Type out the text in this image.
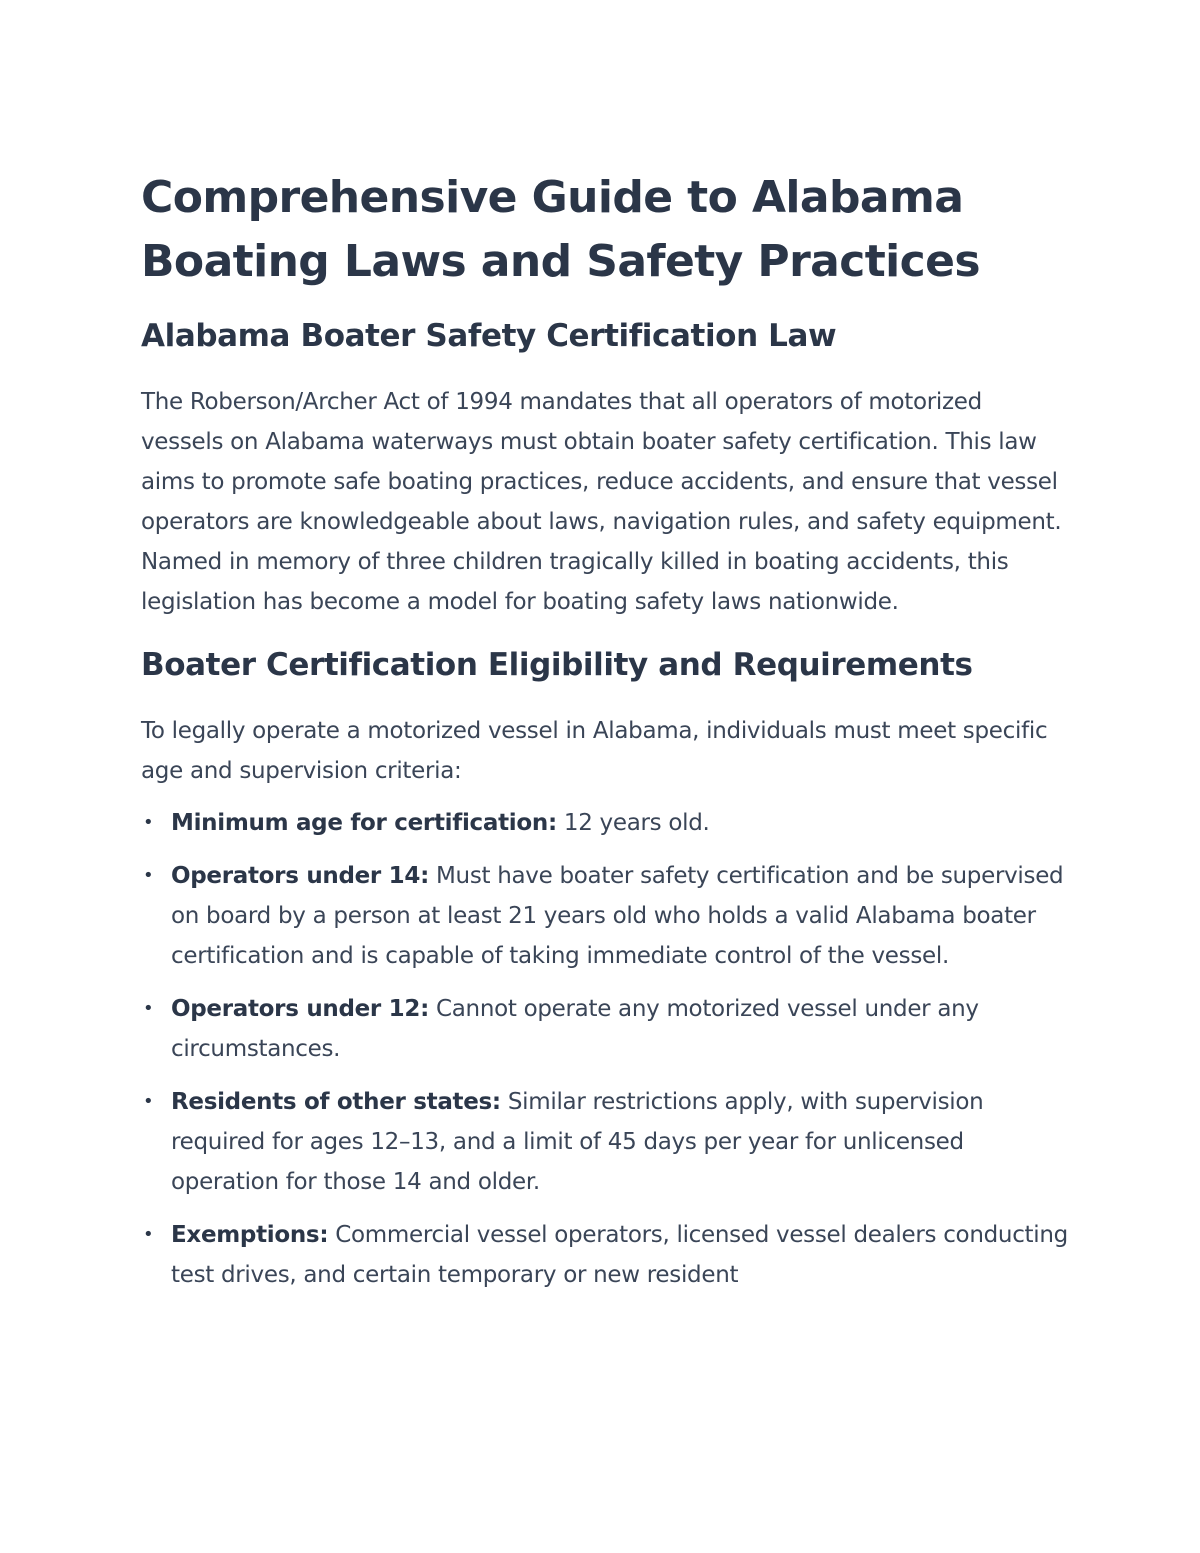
Comprehensive Guide to Alabama Boating Laws and Safety Practices
Alabama Boater Safety Certification Law

The Roberson/Archer Act of 1994 mandates that all operators of motorized vessels on Alabama waterways must obtain boater safety certification. This law aims to promote safe boating practices, reduce accidents, and ensure that vessel operators are knowledgeable about laws, navigation rules, and safety equipment. Named in memory of three children tragically killed in boating accidents, this legislation has become a model for boating safety laws nationwide.

Boater Certification Eligibility and Requirements

To legally operate a motorized vessel in Alabama, individuals must meet specific age and supervision criteria:

• Minimum age for certification: 12 years old.
• Operators under 14: Must have boater safety certification and be supervised on board by a person at least 21 years old who holds a valid Alabama boater certification and is capable of taking immediate control of the vessel.
• Operators under 12: Cannot operate any motorized vessel under any circumstances.
• Residents of other states: Similar restrictions apply, with supervision required for ages 12–13, and a limit of 45 days per year for unlicensed operation for those 14 and older.
• Exemptions: Commercial vessel operators, licensed vessel dealers conducting test drives, and certain temporary or new resident
